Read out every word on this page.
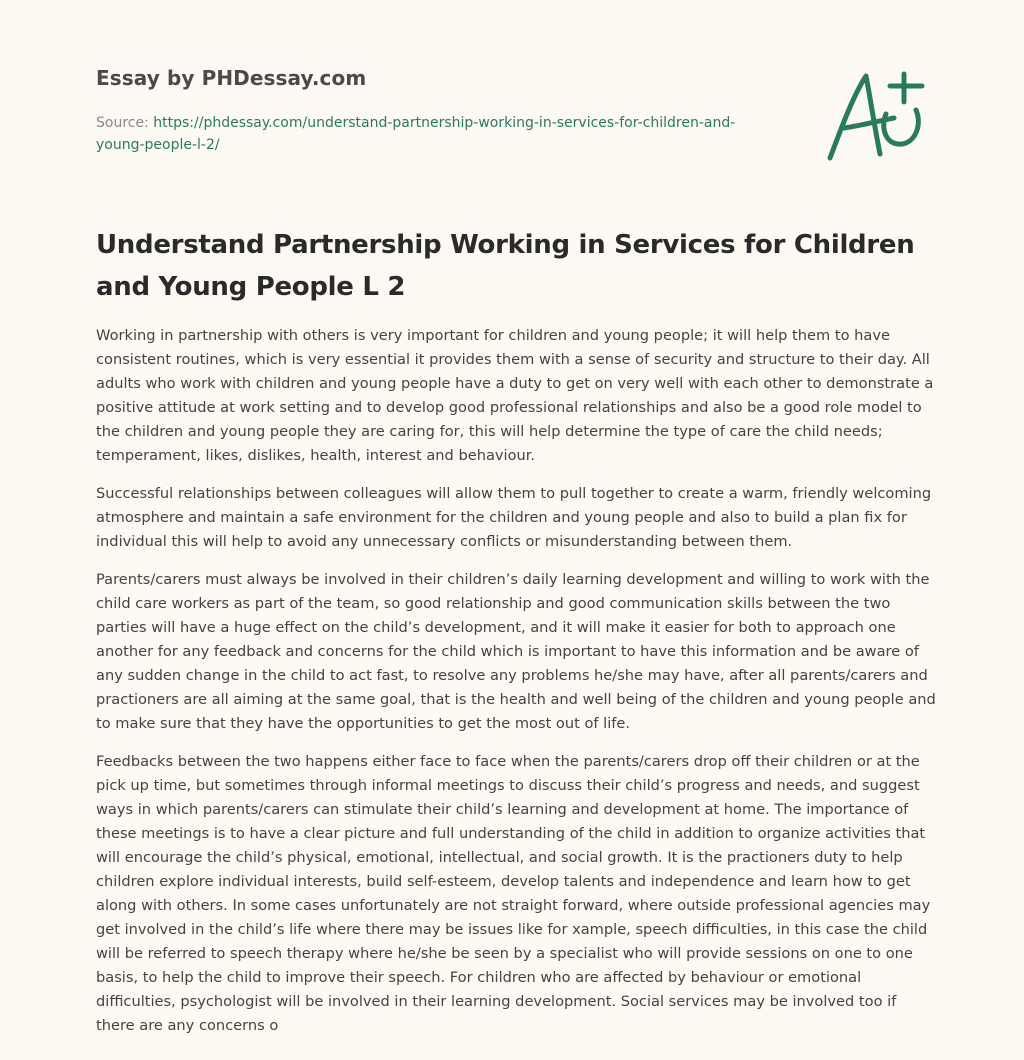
Essay by PHDessay.com
Source: https://phdessay.com/understand-partnership-working-in-services-for-children-and-young-people-l-2/
Understand Partnership Working in Services for Children and Young People L 2

Working in partnership with others is very important for children and young people; it will help them to have consistent routines, which is very essential it provides them with a sense of security and structure to their day. All adults who work with children and young people have a duty to get on very well with each other to demonstrate a positive attitude at work setting and to develop good professional relationships and also be a good role model to the children and young people they are caring for, this will help determine the type of care the child needs; temperament, likes, dislikes, health, interest and behaviour.

Successful relationships between colleagues will allow them to pull together to create a warm, friendly welcoming atmosphere and maintain a safe environment for the children and young people and also to build a plan fix for individual this will help to avoid any unnecessary conflicts or misunderstanding between them.

Parents/carers must always be involved in their children’s daily learning development and willing to work with the child care workers as part of the team, so good relationship and good communication skills between the two parties will have a huge effect on the child’s development, and it will make it easier for both to approach one another for any feedback and concerns for the child which is important to have this information and be aware of any sudden change in the child to act fast, to resolve any problems he/she may have, after all parents/carers and practioners are all aiming at the same goal, that is the health and well being of the children and young people and to make sure that they have the opportunities to get the most out of life.

Feedbacks between the two happens either face to face when the parents/carers drop off their children or at the pick up time, but sometimes through informal meetings to discuss their child’s progress and needs, and suggest ways in which parents/carers can stimulate their child’s learning and development at home. The importance of these meetings is to have a clear picture and full understanding of the child in addition to organize activities that will encourage the child’s physical, emotional, intellectual, and social growth. It is the practioners duty to help children explore individual interests, build self-esteem, develop talents and independence and learn how to get along with others. In some cases unfortunately are not straight forward, where outside professional agencies may get involved in the child’s life where there may be issues like for xample, speech difficulties, in this case the child will be referred to speech therapy where he/she be seen by a specialist who will provide sessions on one to one basis, to help the child to improve their speech. For children who are affected by behaviour or emotional difficulties, psychologist will be involved in their learning development. Social services may be involved too if there are any concerns o
